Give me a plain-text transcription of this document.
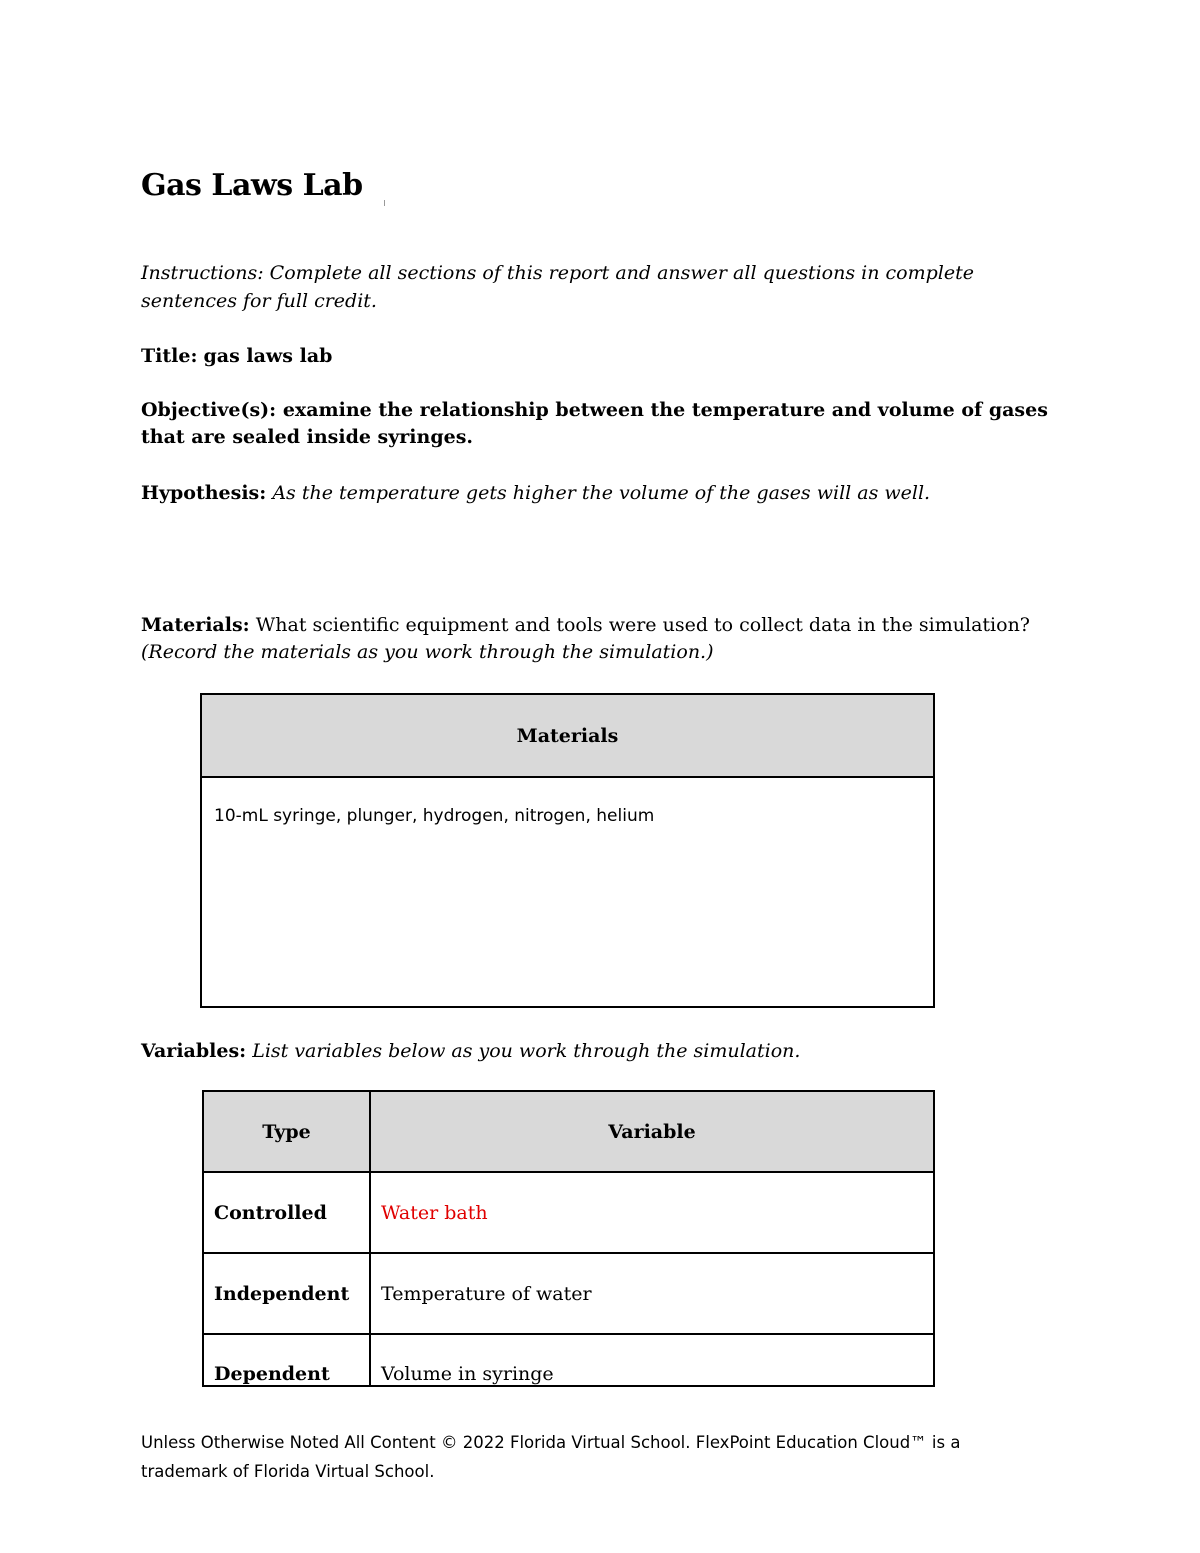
Gas Laws Lab
Instructions: Complete all sections of this report and answer all questions in complete sentences for full credit.
Title: gas laws lab
Objective(s): examine the relationship between the temperature and volume of gases that are sealed inside syringes.
Hypothesis: As the temperature gets higher the volume of the gases will as well.
Materials: What scientific equipment and tools were used to collect data in the simulation?
(Record the materials as you work through the simulation.)
Materials
10-mL syringe, plunger, hydrogen, nitrogen, helium
Variables: List variables below as you work through the simulation.
Type	Variable
Controlled	Water bath
Independent	Temperature of water
Dependent	Volume in syringe
Unless Otherwise Noted All Content © 2022 Florida Virtual School. FlexPoint Education Cloud™ is a
trademark of Florida Virtual School.
